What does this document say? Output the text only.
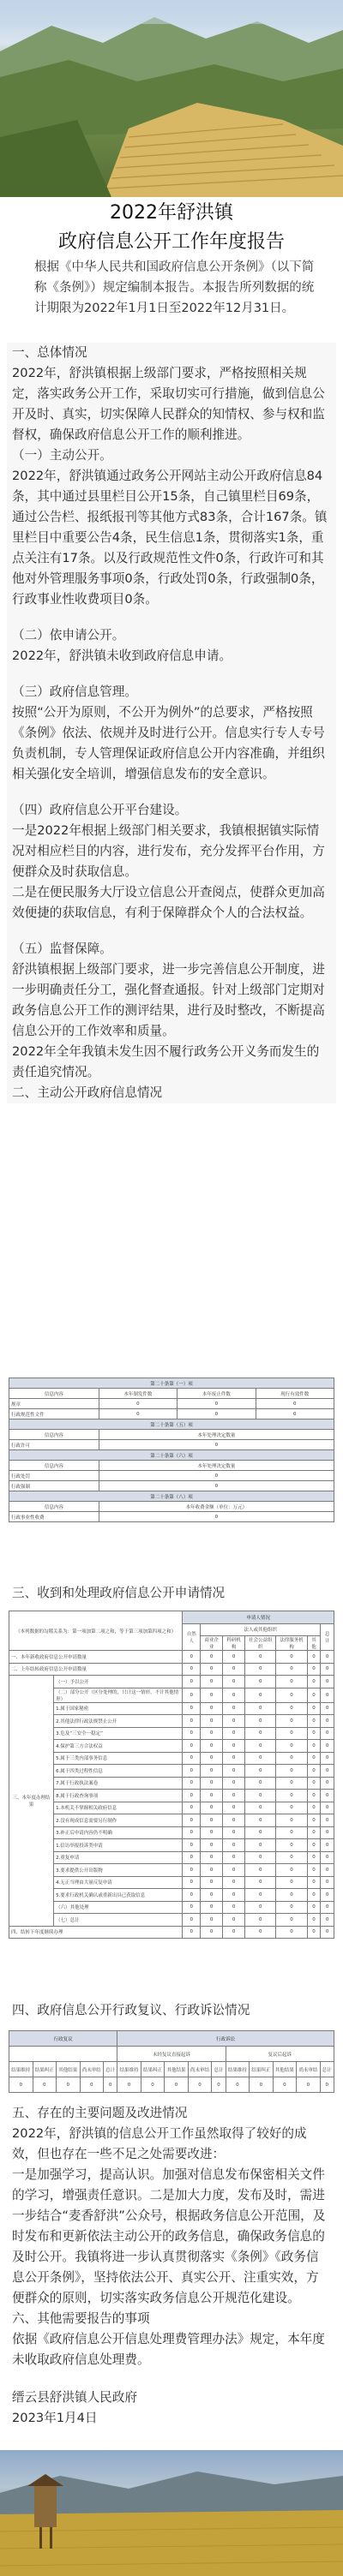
2022年舒洪镇
政府信息公开工作年度报告
根据《中华人民共和国政府信息公开条例》（以下简称《条例》）规定编制本报告。本报告所列数据的统计期限为2022年1月1日至2022年12月31日。
一、总体情况
2022年，舒洪镇根据上级部门要求，严格按照相关规定，落实政务公开工作，采取切实可行措施，做到信息公开及时、真实，切实保障人民群众的知情权、参与权和监督权，确保政府信息公开工作的顺利推进。
（一）主动公开。
2022年，舒洪镇通过政务公开网站主动公开政府信息84条，其中通过县里栏目公开15条，自己镇里栏目69条，通过公告栏、报纸报刊等其他方式83条，合计167条。镇里栏目中重要公告4条，民生信息1条，贯彻落实1条，重点关注有17条。以及行政规范性文件0条，行政许可和其他对外管理服务事项0条，行政处罚0条，行政强制0条，行政事业性收费项目0条。
（二）依申请公开。
2022年，舒洪镇未收到政府信息申请。
（三）政府信息管理。
按照“公开为原则，不公开为例外”的总要求，严格按照《条例》依法、依规并及时进行公开。信息实行专人专号负责机制，专人管理保证政府信息公开内容准确，并组织相关强化安全培训，增强信息发布的安全意识。
（四）政府信息公开平台建设。
一是2022年根据上级部门相关要求，我镇根据镇实际情况对相应栏目的内容，进行发布，充分发挥平台作用，方便群众及时获取信息。
二是在便民服务大厅设立信息公开查阅点，使群众更加高效便捷的获取信息，有利于保障群众个人的合法权益。
（五）监督保障。
舒洪镇根据上级部门要求，进一步完善信息公开制度，进一步明确责任分工，强化督查通报。针对上级部门定期对政务信息公开工作的测评结果，进行及时整改，不断提高信息公开的工作效率和质量。
2022年全年我镇未发生因不履行政务公开义务而发生的责任追究情况。
二、主动公开政府信息情况
第二十条第（一）项			
信息内容	本年制发件数	本年废止件数	现行有效件数
规章	0	0	0
行政规范性文件	0	0	0
第二十条第（五）项			
信息内容	本年处理决定数量		
行政许可	0		
第二十条第（六）项			
信息内容	本年处理决定数量		
行政处罚	0		
行政强制	0		
第二十条第（八）项			
信息内容	本年收费金额（单位：万元）		
行政事业性收费	0		
三、收到和处理政府信息公开申请情况
（本列数据的勾稽关系为：第一项加第二项之和，等于第三项加第四项之和）		申请人情况						
		自然人	法人或其他组织					总计
			商业企业	科研机构	社会公益组织	法律服务机构	其他	
一、本年新收政府信息公开申请数量		0	0	0	0	0	0	0
二、上年结转政府信息公开申请数量		0	0	0	0	0	0	0
三、本年度办理结果	（一）予以公开	0	0	0	0	0	0	0
	（二）部分公开（区分处理的，只计这一情形，不计其他情形）	0	0	0	0	0	0	0
	1.属于国家秘密	0	0	0	0	0	0	0
	2.其他法律行政法规禁止公开	0	0	0	0	0	0	0
	3.危及“三安全一稳定”	0	0	0	0	0	0	0
	4.保护第三方合法权益	0	0	0	0	0	0	0
	5.属于三类内部事务信息	0	0	0	0	0	0	0
	6.属于四类过程性信息	0	0	0	0	0	0	0
	7.属于行政执法案卷	0	0	0	0	0	0	0
	8.属于行政查询事项	0	0	0	0	0	0	0
	1.本机关不掌握相关政府信息	0	0	0	0	0	0	0
	2.没有现成信息需要另行制作	0	0	0	0	0	0	0
	3.补正后申请内容仍不明确	0	0	0	0	0	0	0
	1.信访举报投诉类申请	0	0	0	0	0	0	0
	2.重复申请	0	0	0	0	0	0	0
	3.要求提供公开出版物	0	0	0	0	0	0	0
	4.无正当理由大量反复申请	0	0	0	0	0	0	0
	5.要求行政机关确认或重新出具已获取信息	0	0	0	0	0	0	0
	（六）其他处理	0	0	0	0	0	0	0
	（七）总计	0	0	0	0	0	0	0
四、结转下年度继续办理		0	0	0	0	0	0	0
四、政府信息公开行政复议、行政诉讼情况
行政复议					行政诉讼									
					未经复议直接起诉					复议后起诉				
结果维持	结果纠正	其他结果	尚未审结	总计	结果维持	结果纠正	其他结果	尚未审结	总计	结果维持	结果纠正	其他结果	尚未审结	总计
0	0	0	0	0	0	0	0	0	0	0	0	0	0	0
五、存在的主要问题及改进情况
2022年，舒洪镇的信息公开工作虽然取得了较好的成效，但也存在一些不足之处需要改进：
一是加强学习，提高认识。加强对信息发布保密相关文件的学习，增强责任意识。二是加大力度，发布及时，需进一步结合“麦香舒洪”公众号，根据政务信息公开范围，及时发布和更新依法主动公开的政务信息，确保政务信息的及时公开。我镇将进一步认真贯彻落实《条例》《政务信息公开条例》，坚持依法公开、真实公开、注重实效，方便群众的原则，切实落实政务信息公开规范化建设。
六、其他需要报告的事项
依据《政府信息公开信息处理费管理办法》规定，本年度未收取政府信息处理费。
缙云县舒洪镇人民政府
2023年1月4日
